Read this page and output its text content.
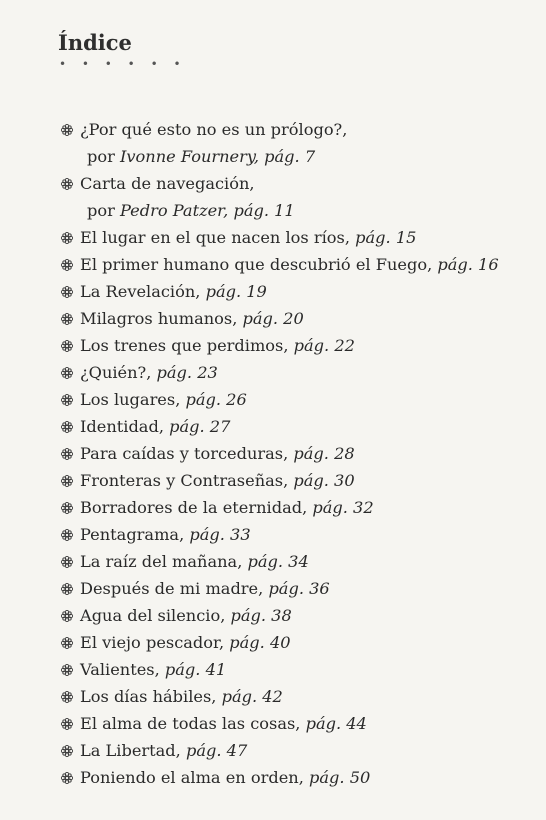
Índice
• • • • • •
¿Por qué esto no es un prólogo?,
por
Ivonne Fournery,
pág. 7
Carta de navegación,
por
Pedro Patzer,
pág. 11
El lugar en el que nacen los ríos,
pág. 15
El primer humano que descubrió el Fuego,
pág. 16
La Revelación,
pág. 19
Milagros humanos,
pág. 20
Los trenes que perdimos,
pág. 22
¿Quién?,
pág. 23
Los lugares,
pág. 26
Identidad,
pág. 27
Para caídas y torceduras,
pág. 28
Fronteras y Contraseñas,
pág. 30
Borradores de la eternidad,
pág. 32
Pentagrama,
pág. 33
La raíz del mañana,
pág. 34
Después de mi madre,
pág. 36
Agua del silencio,
pág. 38
El viejo pescador,
pág. 40
Valientes,
pág. 41
Los días hábiles,
pág. 42
El alma de todas las cosas,
pág. 44
La Libertad,
pág. 47
Poniendo el alma en orden,
pág. 50
